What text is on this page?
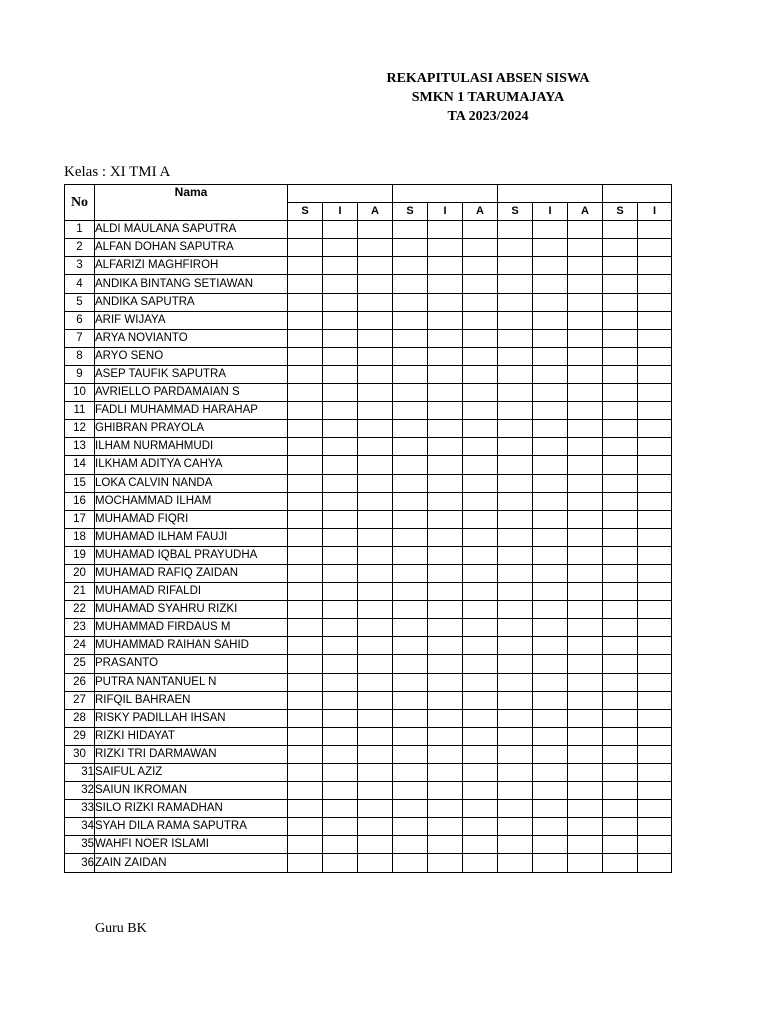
REKAPITULASI ABSEN SISWA
SMKN 1 TARUMAJAYA
TA 2023/2024
Kelas : XI TMI A
No	Nama											
		S	I	A	S	I	A	S	I	A	S	I
1	ALDI MAULANA SAPUTRA											
2	ALFAN DOHAN SAPUTRA											
3	ALFARIZI MAGHFIROH											
4	ANDIKA BINTANG SETIAWAN											
5	ANDIKA SAPUTRA											
6	ARIF WIJAYA											
7	ARYA NOVIANTO											
8	ARYO SENO											
9	ASEP TAUFIK SAPUTRA											
10	AVRIELLO PARDAMAIAN S											
11	FADLI MUHAMMAD HARAHAP											
12	GHIBRAN PRAYOLA											
13	ILHAM NURMAHMUDI											
14	ILKHAM ADITYA CAHYA											
15	LOKA CALVIN NANDA											
16	MOCHAMMAD ILHAM											
17	MUHAMAD FIQRI											
18	MUHAMAD ILHAM FAUJI											
19	MUHAMAD IQBAL PRAYUDHA											
20	MUHAMAD RAFIQ ZAIDAN											
21	MUHAMAD RIFALDI											
22	MUHAMAD SYAHRU RIZKI											
23	MUHAMMAD FIRDAUS M											
24	MUHAMMAD RAIHAN SAHID											
25	PRASANTO											
26	PUTRA NANTANUEL N											
27	RIFQIL BAHRAEN											
28	RISKY PADILLAH IHSAN											
29	RIZKI HIDAYAT											
30	RIZKI TRI DARMAWAN											
31	SAIFUL AZIZ											
32	SAIUN IKROMAN											
33	SILO RIZKI RAMADHAN											
34	SYAH DILA RAMA SAPUTRA											
35	WAHFI NOER ISLAMI											
36	ZAIN ZAIDAN											
Guru BK
